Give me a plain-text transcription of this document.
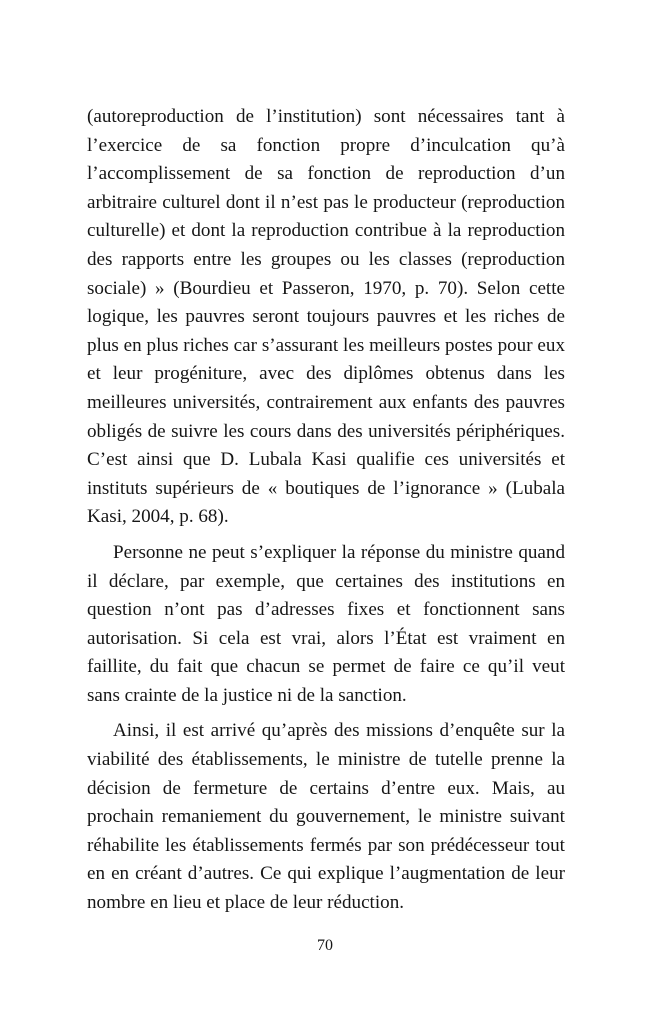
(autoreproduction de l’institution) sont nécessaires tant à l’exercice de sa fonction propre d’inculcation qu’à l’accomplissement de sa fonction de reproduction d’un arbitraire culturel dont il n’est pas le producteur (reproduction culturelle) et dont la reproduction contribue à la reproduction des rapports entre les groupes ou les classes (reproduction sociale) » (Bourdieu et Passeron, 1970, p. 70). Selon cette logique, les pauvres seront toujours pauvres et les riches de plus en plus riches car s’assurant les meilleurs postes pour eux et leur progéniture, avec des diplômes obtenus dans les meilleures universités, contrairement aux enfants des pauvres obligés de suivre les cours dans des universités périphériques. C’est ainsi que D. Lubala Kasi qualifie ces universités et instituts supérieurs de « boutiques de l’ignorance » (Lubala Kasi, 2004, p. 68).

Personne ne peut s’expliquer la réponse du ministre quand il déclare, par exemple, que certaines des institutions en question n’ont pas d’adresses fixes et fonctionnent sans autorisation. Si cela est vrai, alors l’État est vraiment en faillite, du fait que chacun se permet de faire ce qu’il veut sans crainte de la justice ni de la sanction.

Ainsi, il est arrivé qu’après des missions d’enquête sur la viabilité des établissements, le ministre de tutelle prenne la décision de fermeture de certains d’entre eux. Mais, au prochain remaniement du gouvernement, le ministre suivant réhabilite les établissements fermés par son prédécesseur tout en en créant d’autres. Ce qui explique l’augmentation de leur nombre en lieu et place de leur réduction.

70
